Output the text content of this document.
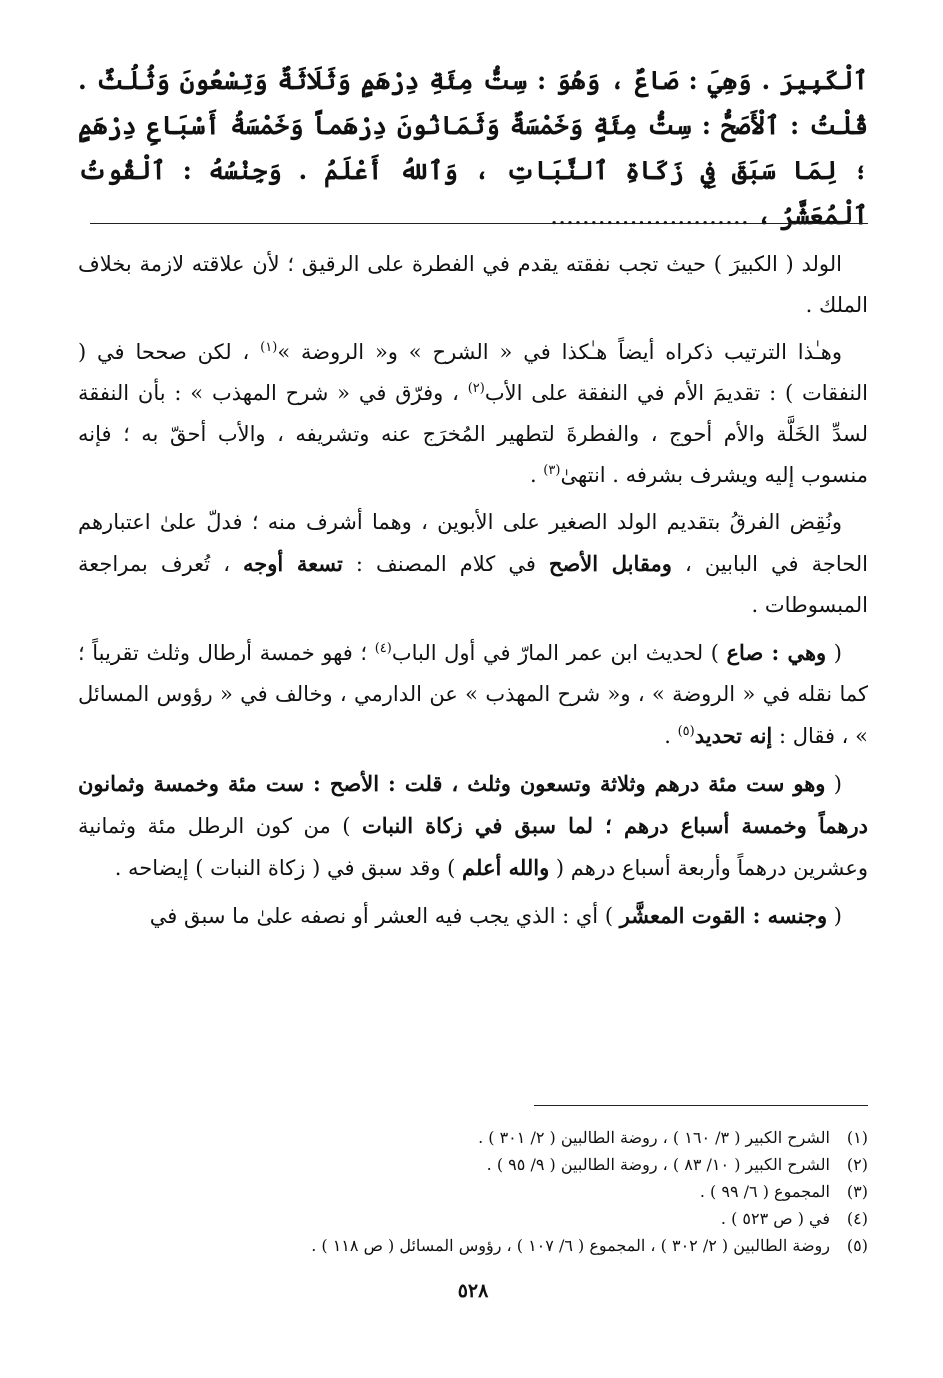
ٱلْكَبِيرَ . وَهِيَ : صَاعٌ ، وَهُوَ : سِتُّ مِئَةِ دِرْهَمٍ وَثَلَاثَةٌ وَتِسْعُونَ وَثُلُثٌ . قُلْتُ : ٱلْأَصَحُّ : سِتُّ مِئَةٍ وَخَمْسَةٌ وَثَمَانُونَ دِرْهَماً وَخَمْسَةُ أَسْبَاعِ دِرْهَمٍ ؛ لِمَا سَبَقَ فِي زَكَاةِ ٱلنَّبَاتِ ، وَٱللهُ أَعْلَمُ . وَجِنْسُهُ : ٱلْقُوتُ ٱلْمُعَشَّرُ ، .........................

الولد ( الكبيرَ ) حيث تجب نفقته يقدم في الفطرة على الرقيق ؛ لأن علاقته لازمة بخلاف الملك .

وهـٰذا الترتيب ذكراه أيضاً هـٰكذا في « الشرح » و« الروضة »$^{(١)}$ ، لكن صححا في ( النفقات ) : تقديمَ الأم في النفقة على الأب$^{(٢)}$ ، وفرّق في « شرح المهذب » : بأن النفقة لسدِّ الخَلَّة والأم أحوج ، والفطرةَ لتطهير المُخرَج عنه وتشريفه ، والأب أحقّ به ؛ فإنه منسوب إليه ويشرف بشرفه . انتهىٰ$^{(٣)}$ .

ونُقِض الفرقُ بتقديم الولد الصغير على الأبوين ، وهما أشرف منه ؛ فدلّ علىٰ اعتبارهم الحاجة في البابين ، ومقابل الأصح في كلام المصنف : تسعة أوجه ، تُعرف بمراجعة المبسوطات .

( وهي : صاع ) لحديث ابن عمر المارّ في أول الباب$^{(٤)}$ ؛ فهو خمسة أرطال وثلث تقريباً ؛ كما نقله في « الروضة » ، و« شرح المهذب » عن الدارمي ، وخالف في « رؤوس المسائل » ، فقال : إنه تحديد$^{(٥)}$ .

( وهو ست مئة درهم وثلاثة وتسعون وثلث ، قلت : الأصح : ست مئة وخمسة وثمانون درهماً وخمسة أسباع درهم ؛ لما سبق في زكاة النبات ) من كون الرطل مئة وثمانية وعشرين درهماً وأربعة أسباع درهم ( والله أعلم ) وقد سبق في ( زكاة النبات ) إيضاحه .

( وجنسه : القوت المعشَّر ) أي : الذي يجب فيه العشر أو نصفه علىٰ ما سبق في

(١)
الشرح الكبير ( ٣/ ١٦٠ ) ، روضة الطالبين ( ٢/ ٣٠١ ) .
(٢)
الشرح الكبير ( ١٠/ ٨٣ ) ، روضة الطالبين ( ٩/ ٩٥ ) .
(٣)
المجموع ( ٦/ ٩٩ ) .
(٤)
في ( ص ٥٢٣ ) .
(٥)
روضة الطالبين ( ٢/ ٣٠٢ ) ، المجموع ( ٦/ ١٠٧ ) ، رؤوس المسائل ( ص ١١٨ ) .
٥٢٨
